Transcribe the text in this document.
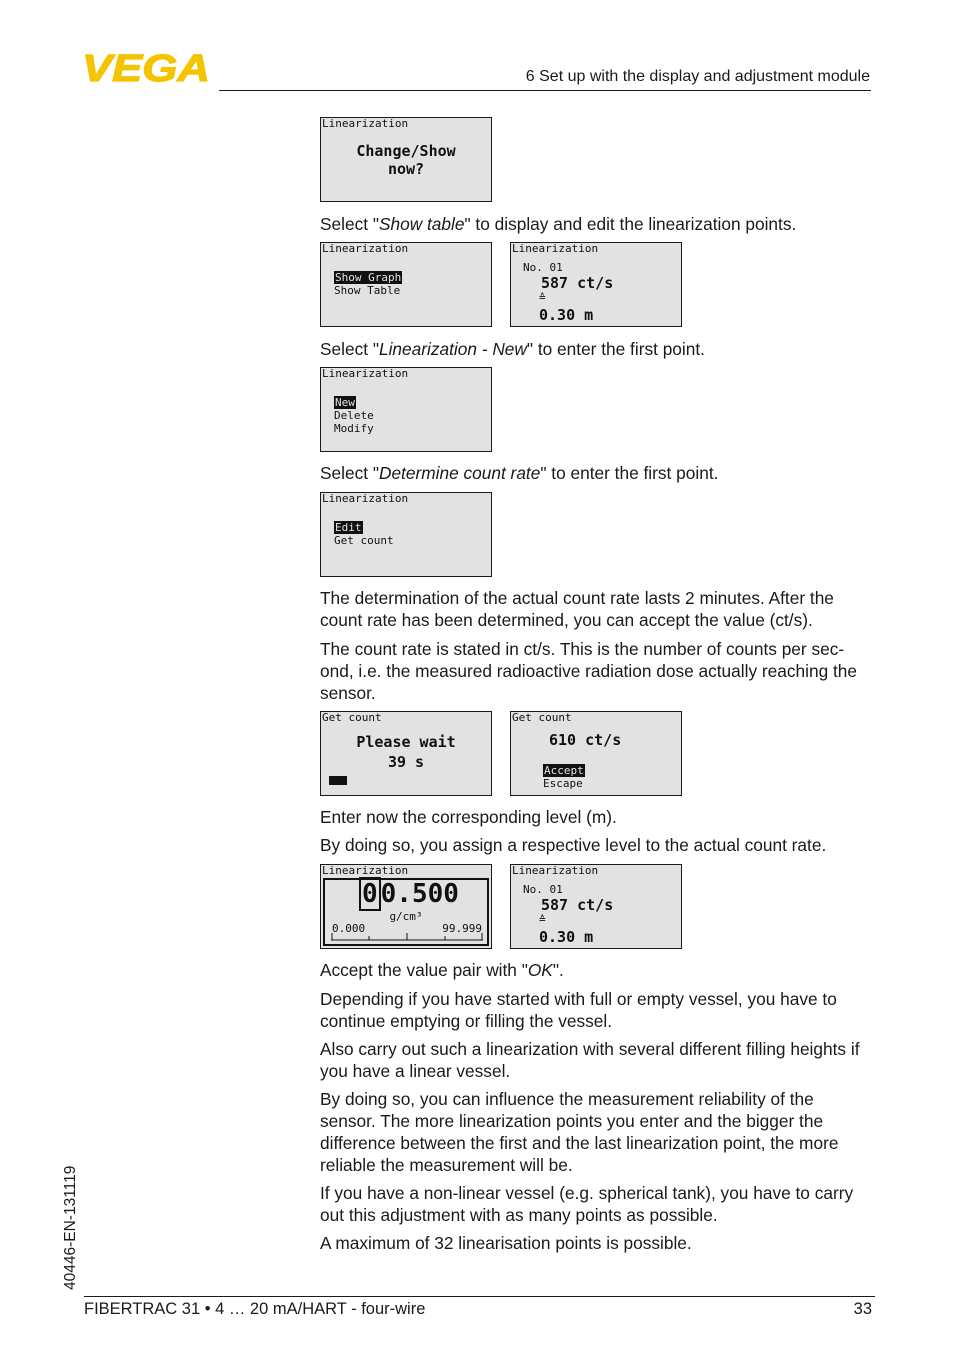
VEGA	6 Set up with the display and adjustment module
Linearization
Change/Show
now?
Select "Show table" to display and edit the linearization points.
Linearization
Show Graph
Show Table
Linearization
No. 01
587 ct/s
≙
0.30 m
Select "Linearization - New" to enter the first point.
Linearization
New
Delete
Modify
Select "Determine count rate" to enter the first point.
Linearization
Edit
Get count
The determination of the actual count rate lasts 2 minutes. After the count rate has been determined, you can accept the value (ct/s).
The count rate is stated in ct/s. This is the number of counts per sec-ond, i.e. the measured radioactive radiation dose actually reaching the sensor.
Get count
Please wait
39 s
Get count
610 ct/s
Accept
Escape
Enter now the corresponding level (m).
By doing so, you assign a respective level to the actual count rate.
Linearization
0 0.500
g/cm³
0.000	99.999
Linearization
No. 01
587 ct/s
≙
0.30 m
Accept the value pair with "OK".
Depending if you have started with full or empty vessel, you have to continue emptying or filling the vessel.
Also carry out such a linearization with several different filling heights if you have a linear vessel.
By doing so, you can influence the measurement reliability of the sensor. The more linearization points you enter and the bigger the difference between the first and the last linearization point, the more reliable the measurement will be.
If you have a non-linear vessel (e.g. spherical tank), you have to carry out this adjustment with as many points as possible.
A maximum of 32 linearisation points is possible.
40446-EN-131119
FIBERTRAC 31 • 4 … 20 mA/HART - four-wire	33
